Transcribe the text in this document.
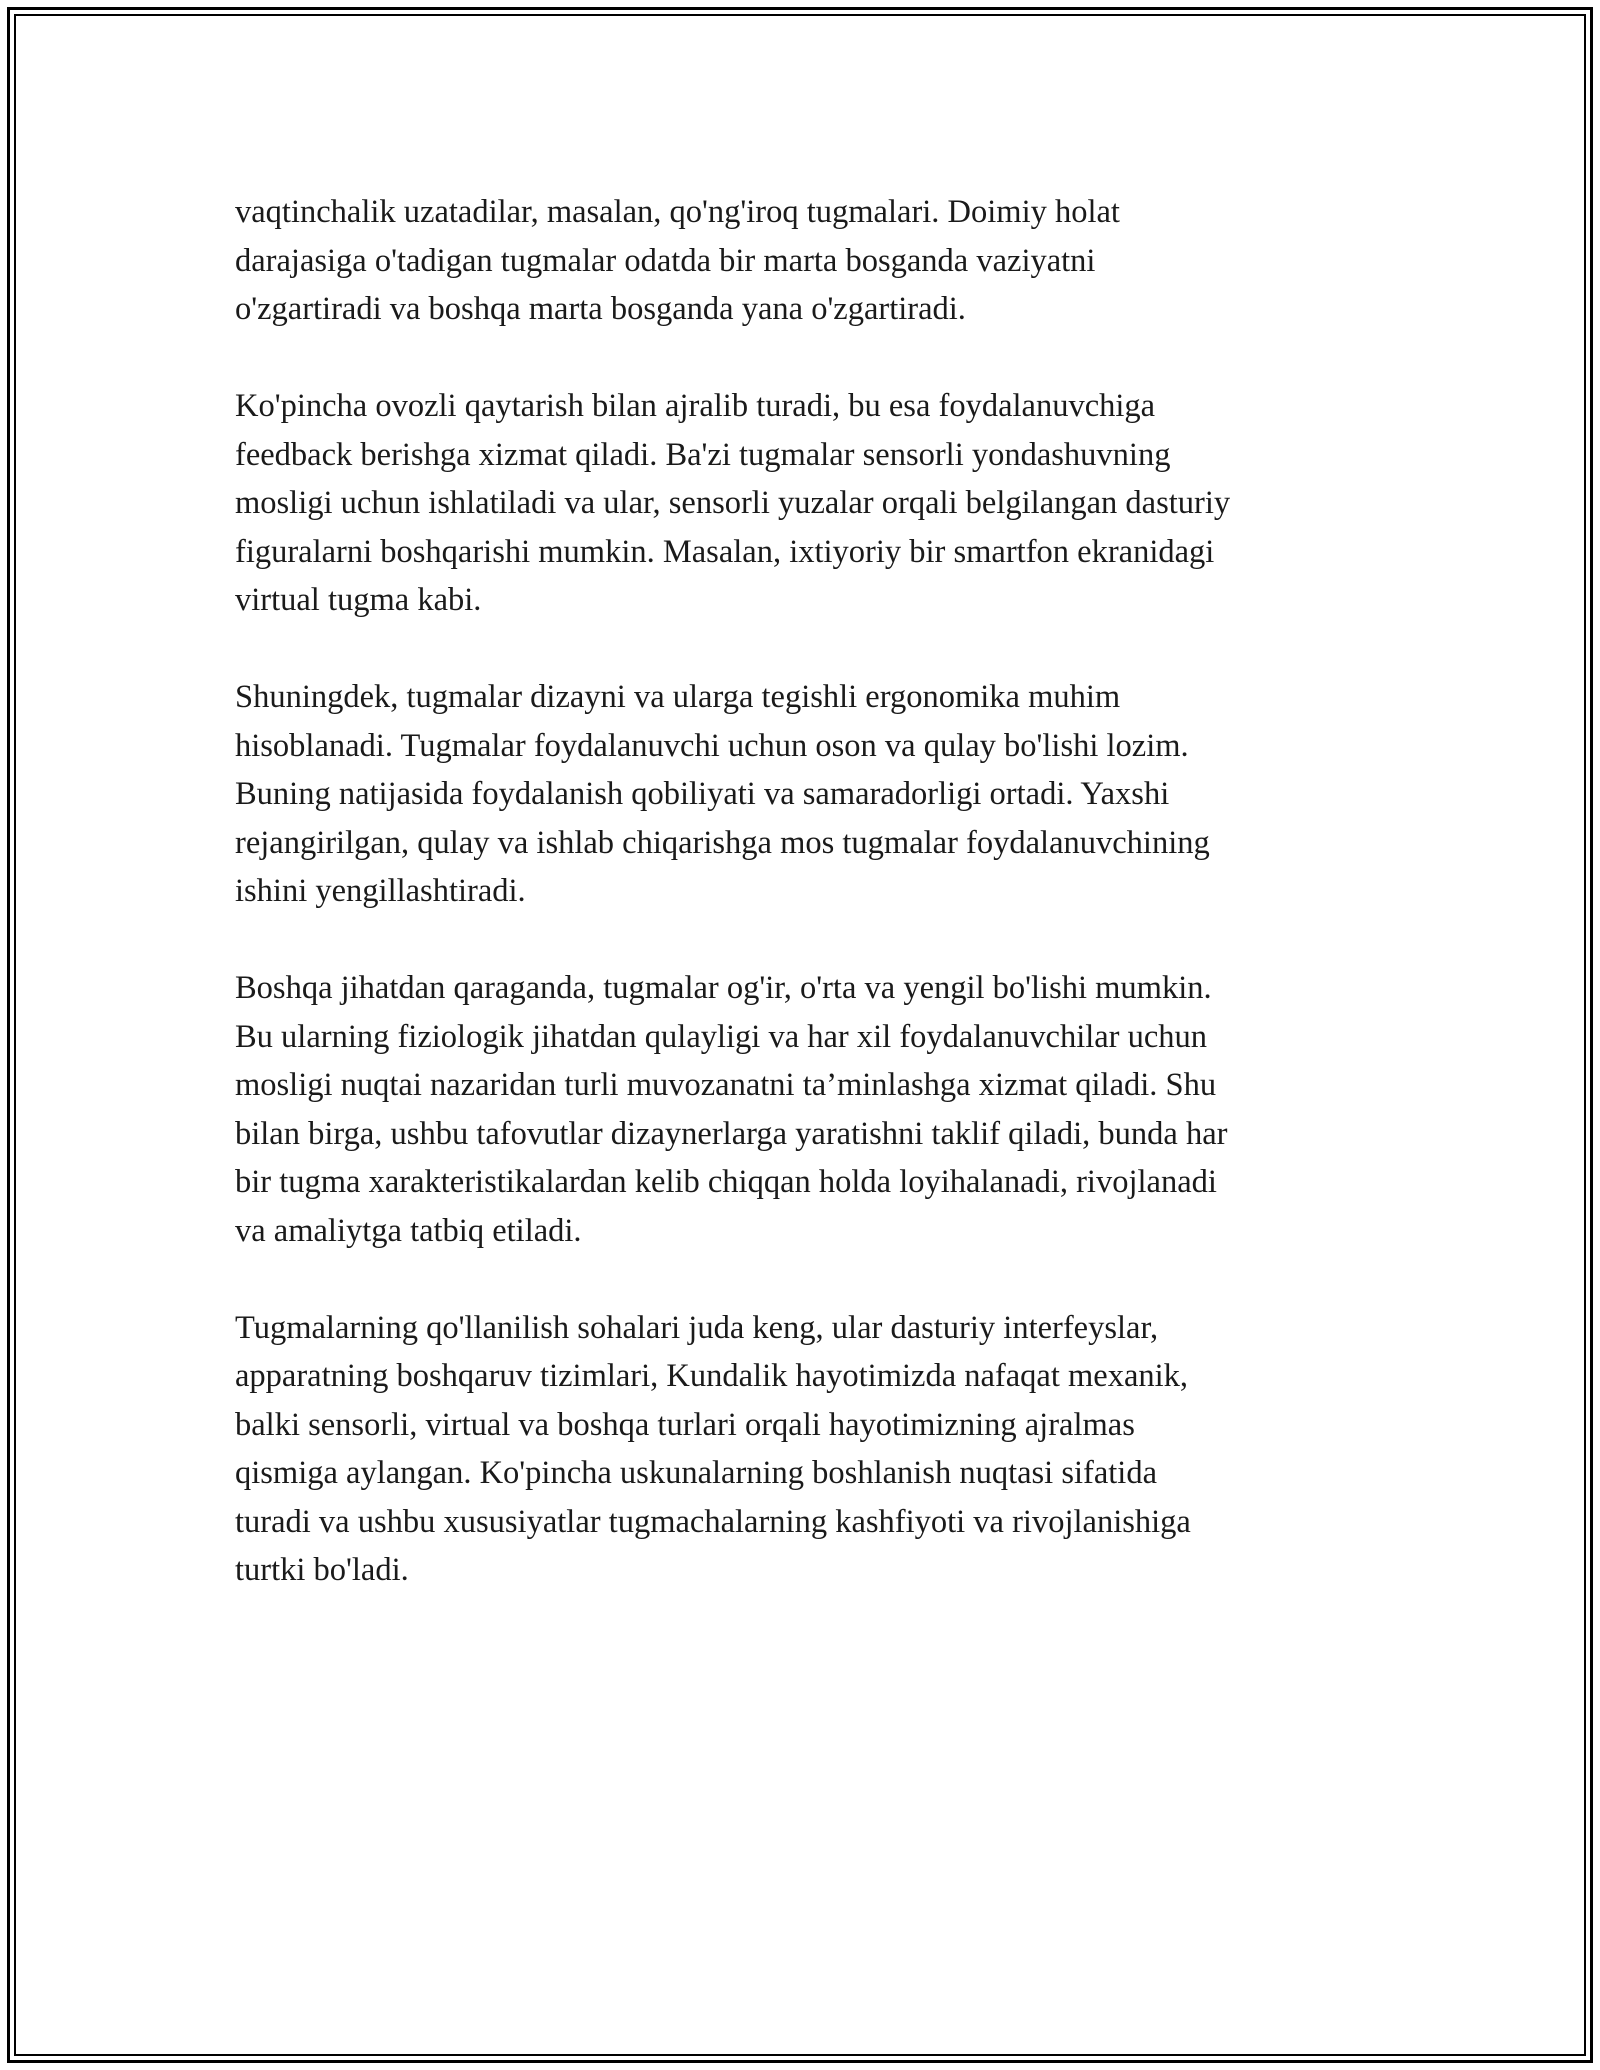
vaqtinchalik uzatadilar, masalan, qo'ng'iroq tugmalari. Doimiy holat
darajasiga o'tadigan tugmalar odatda bir marta bosganda vaziyatni
o'zgartiradi va boshqa marta bosganda yana o'zgartiradi.

Ko'pincha ovozli qaytarish bilan ajralib turadi, bu esa foydalanuvchiga
feedback berishga xizmat qiladi. Ba'zi tugmalar sensorli yondashuvning
mosligi uchun ishlatiladi va ular, sensorli yuzalar orqali belgilangan dasturiy
figuralarni boshqarishi mumkin. Masalan, ixtiyoriy bir smartfon ekranidagi
virtual tugma kabi.

Shuningdek, tugmalar dizayni va ularga tegishli ergonomika muhim
hisoblanadi. Tugmalar foydalanuvchi uchun oson va qulay bo'lishi lozim.
Buning natijasida foydalanish qobiliyati va samaradorligi ortadi. Yaxshi
rejangirilgan, qulay va ishlab chiqarishga mos tugmalar foydalanuvchining
ishini yengillashtiradi.

Boshqa jihatdan qaraganda, tugmalar og'ir, o'rta va yengil bo'lishi mumkin.
Bu ularning fiziologik jihatdan qulayligi va har xil foydalanuvchilar uchun
mosligi nuqtai nazaridan turli muvozanatni ta’minlashga xizmat qiladi. Shu
bilan birga, ushbu tafovutlar dizaynerlarga yaratishni taklif qiladi, bunda har
bir tugma xarakteristikalardan kelib chiqqan holda loyihalanadi, rivojlanadi
va amaliytga tatbiq etiladi.

Tugmalarning qo'llanilish sohalari juda keng, ular dasturiy interfeyslar,
apparatning boshqaruv tizimlari, Kundalik hayotimizda nafaqat mexanik,
balki sensorli, virtual va boshqa turlari orqali hayotimizning ajralmas
qismiga aylangan. Ko'pincha uskunalarning boshlanish nuqtasi sifatida
turadi va ushbu xususiyatlar tugmachalarning kashfiyoti va rivojlanishiga
turtki bo'ladi.
